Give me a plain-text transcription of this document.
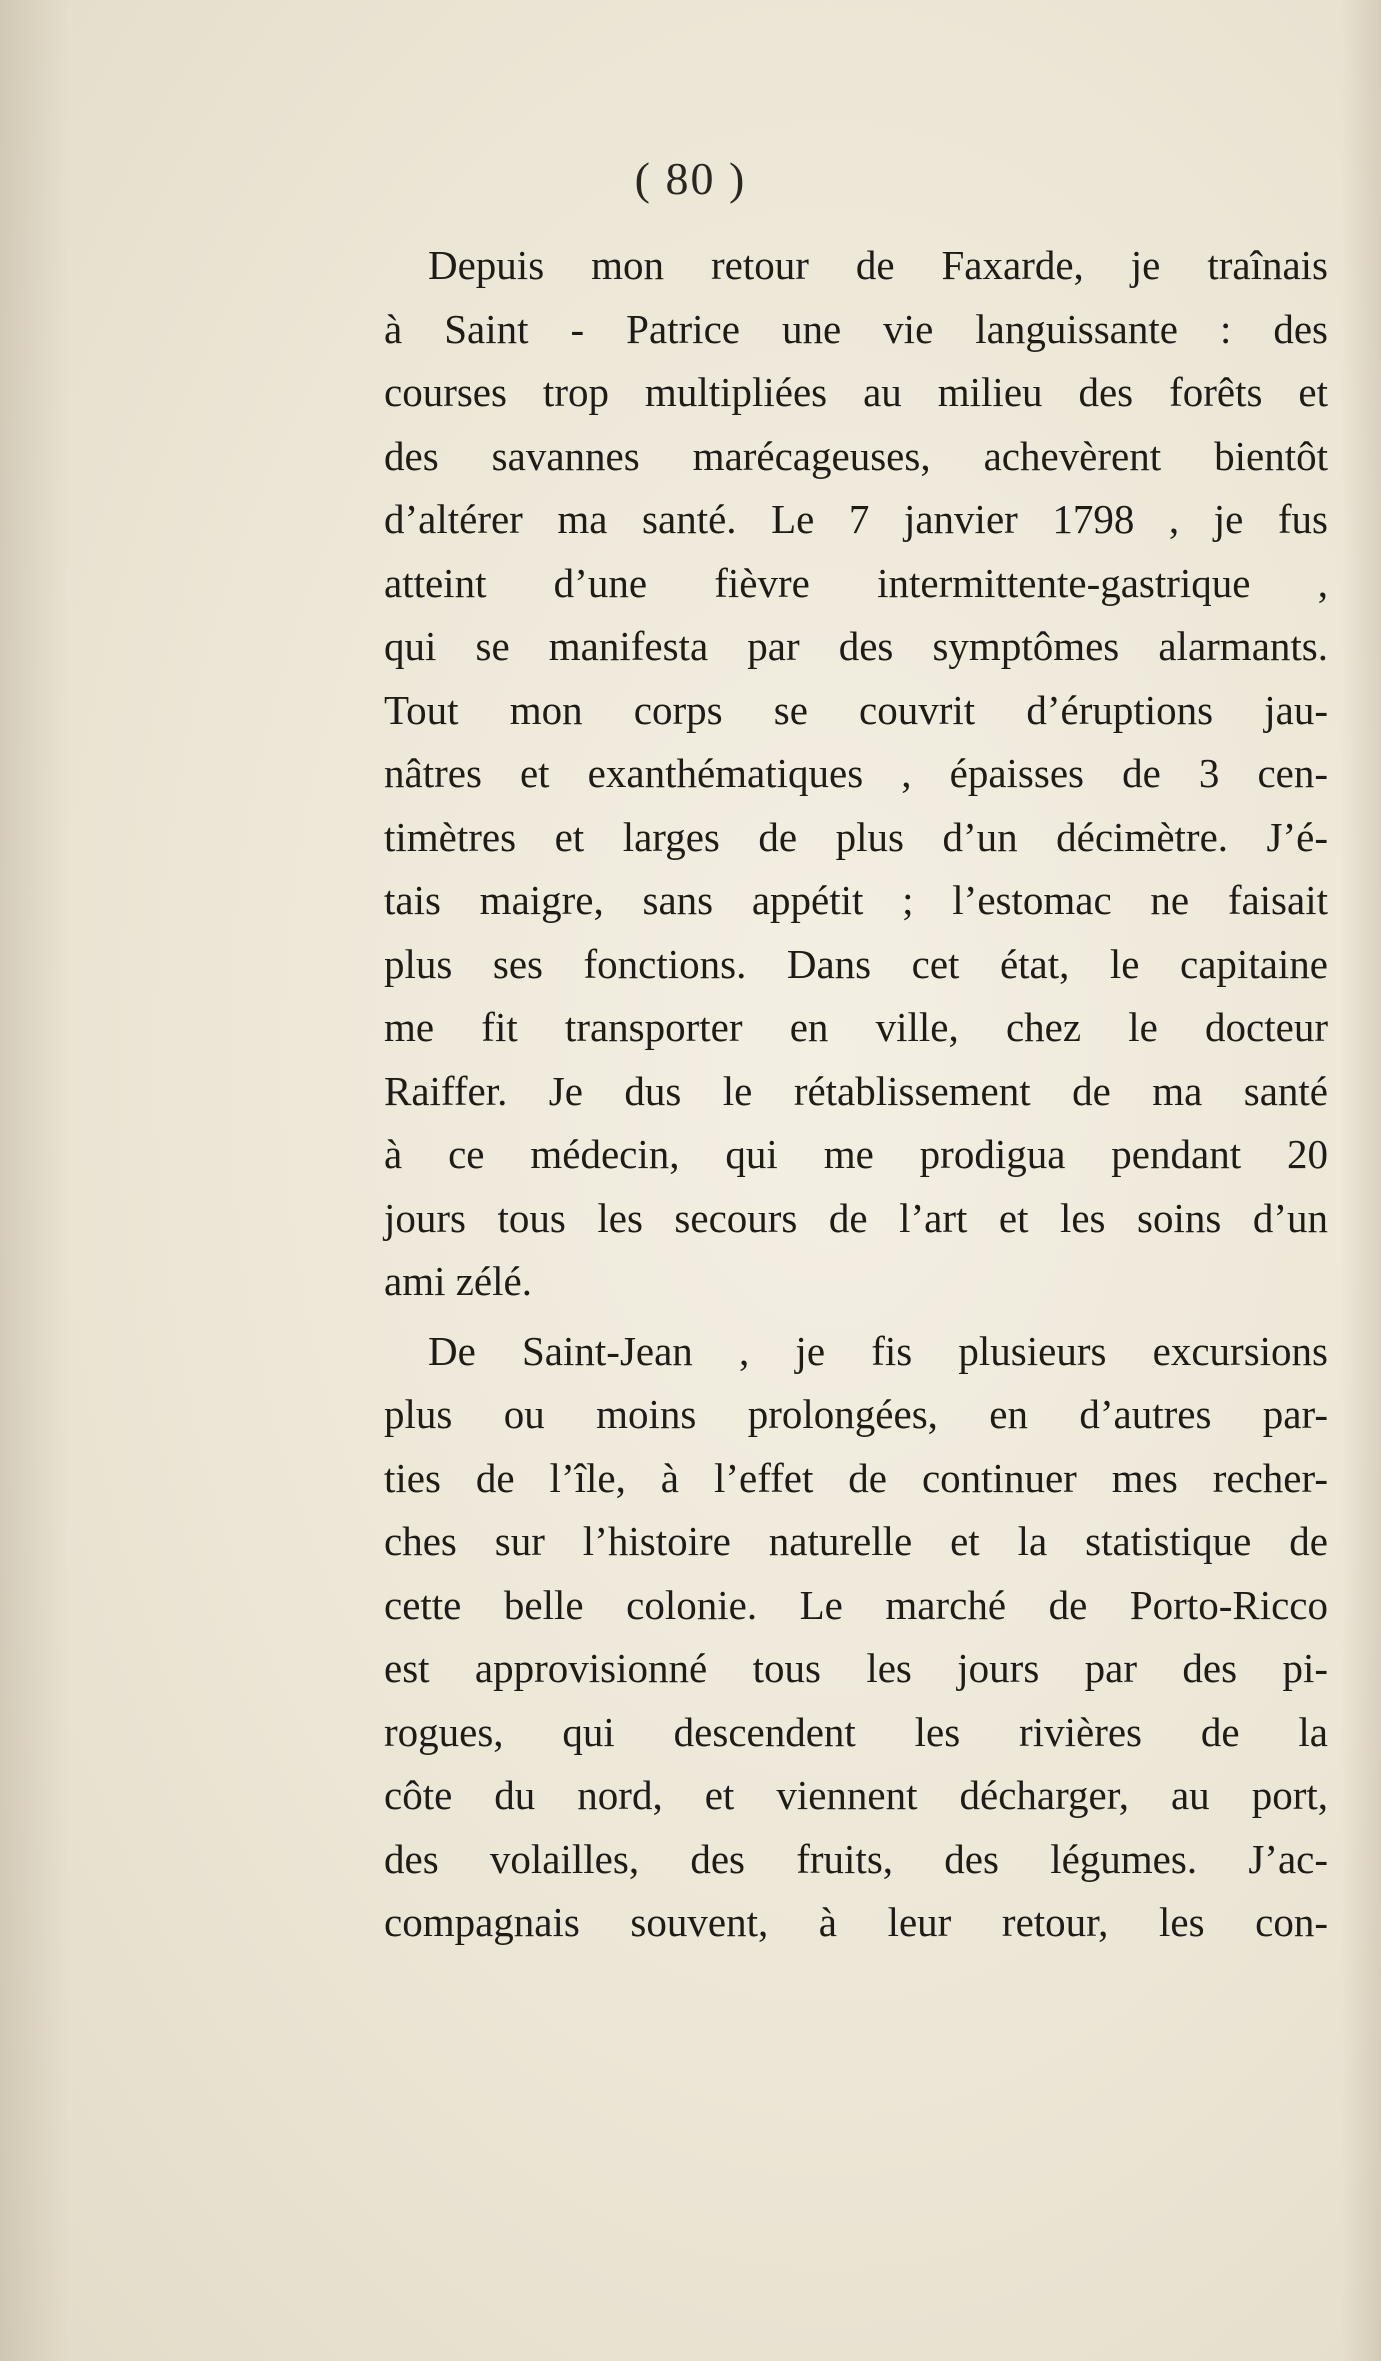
( 80 )
Depuis mon retour de Faxarde, je traînais
à Saint - Patrice une vie languissante : des
courses trop multipliées au milieu des forêts et
des savannes marécageuses, achevèrent bientôt
d’altérer ma santé. Le 7 janvier 1798 , je fus
atteint d’une fièvre intermittente-gastrique ,
qui se manifesta par des symptômes alarmants.
Tout mon corps se couvrit d’éruptions jau-
nâtres et exanthématiques , épaisses de 3 cen-
timètres et larges de plus d’un décimètre. J’é-
tais maigre, sans appétit ; l’estomac ne faisait
plus ses fonctions. Dans cet état, le capitaine
me fit transporter en ville, chez le docteur
Raiffer. Je dus le rétablissement de ma santé
à ce médecin, qui me prodigua pendant 20
jours tous les secours de l’art et les soins d’un
ami zélé.
De Saint-Jean , je fis plusieurs excursions
plus ou moins prolongées, en d’autres par-
ties de l’île, à l’effet de continuer mes recher-
ches sur l’histoire naturelle et la statistique de
cette belle colonie. Le marché de Porto-Ricco
est approvisionné tous les jours par des pi-
rogues, qui descendent les rivières de la
côte du nord, et viennent décharger, au port,
des volailles, des fruits, des légumes. J’ac-
compagnais souvent, à leur retour, les con-
